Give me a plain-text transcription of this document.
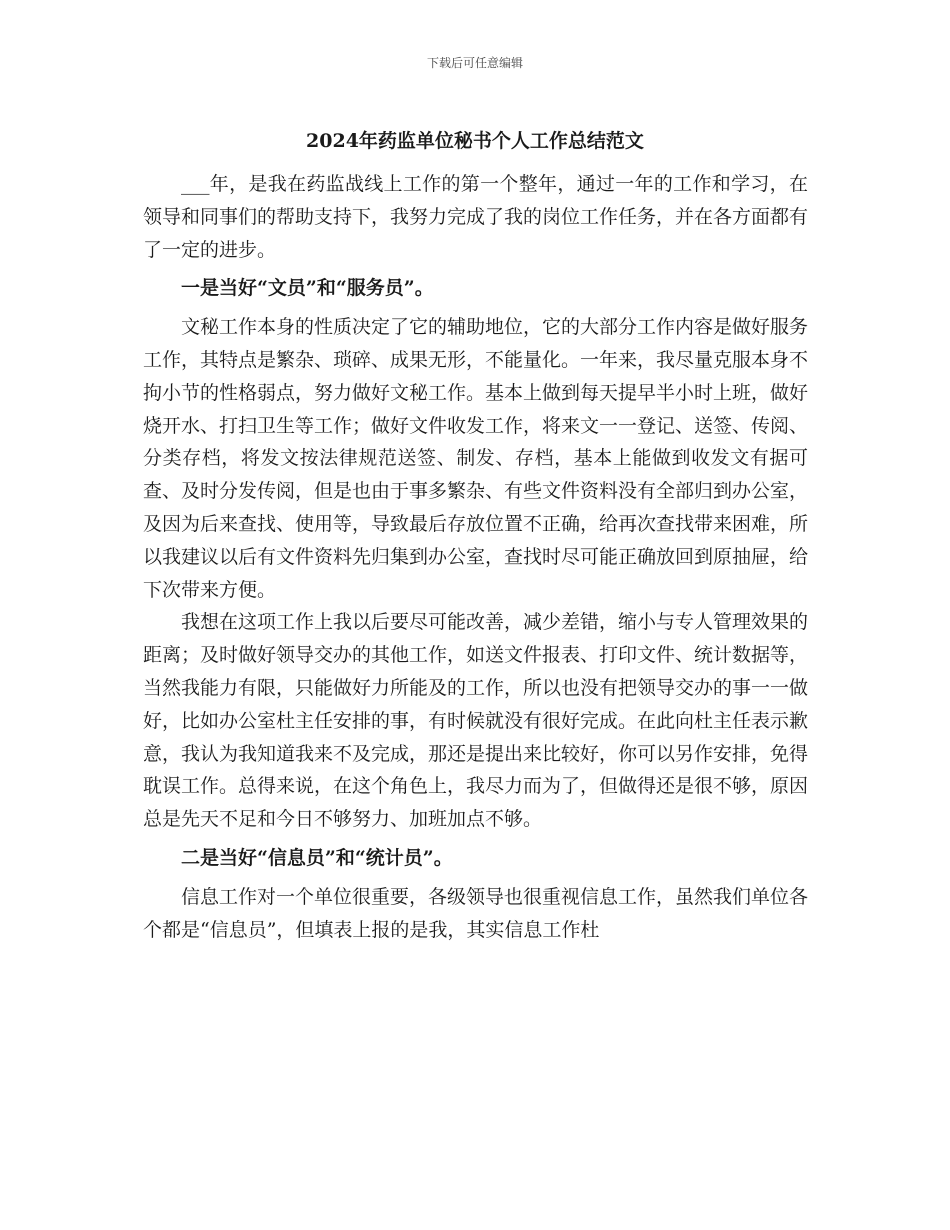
下载后可任意编辑
2024年药监单位秘书个人工作总结范文

___年，是我在药监战线上工作的第一个整年，通过一年的工作和学习，在领导和同事们的帮助支持下，我努力完成了我的岗位工作任务，并在各方面都有了一定的进步。

一是当好“文员”和“服务员”。

文秘工作本身的性质决定了它的辅助地位，它的大部分工作内容是做好服务工作，其特点是繁杂、琐碎、成果无形，不能量化。一年来，我尽量克服本身不拘小节的性格弱点，努力做好文秘工作。基本上做到每天提早半小时上班，做好烧开水、打扫卫生等工作；做好文件收发工作，将来文一一登记、送签、传阅、分类存档，将发文按法律规范送签、制发、存档，基本上能做到收发文有据可查、及时分发传阅，但是也由于事多繁杂、有些文件资料没有全部归到办公室，及因为后来查找、使用等，导致最后存放位置不正确，给再次查找带来困难，所以我建议以后有文件资料先归集到办公室，查找时尽可能正确放回到原抽屉，给下次带来方便。

我想在这项工作上我以后要尽可能改善，减少差错，缩小与专人管理效果的距离；及时做好领导交办的其他工作，如送文件报表、打印文件、统计数据等，当然我能力有限，只能做好力所能及的工作，所以也没有把领导交办的事一一做好，比如办公室杜主任安排的事，有时候就没有很好完成。在此向杜主任表示歉意，我认为我知道我来不及完成，那还是提出来比较好，你可以另作安排，免得耽误工作。总得来说，在这个角色上，我尽力而为了，但做得还是很不够，原因总是先天不足和今日不够努力、加班加点不够。

二是当好“信息员”和“统计员”。

信息工作对一个单位很重要，各级领导也很重视信息工作，虽然我们单位各个都是“信息员”，但填表上报的是我，其实信息工作杜
